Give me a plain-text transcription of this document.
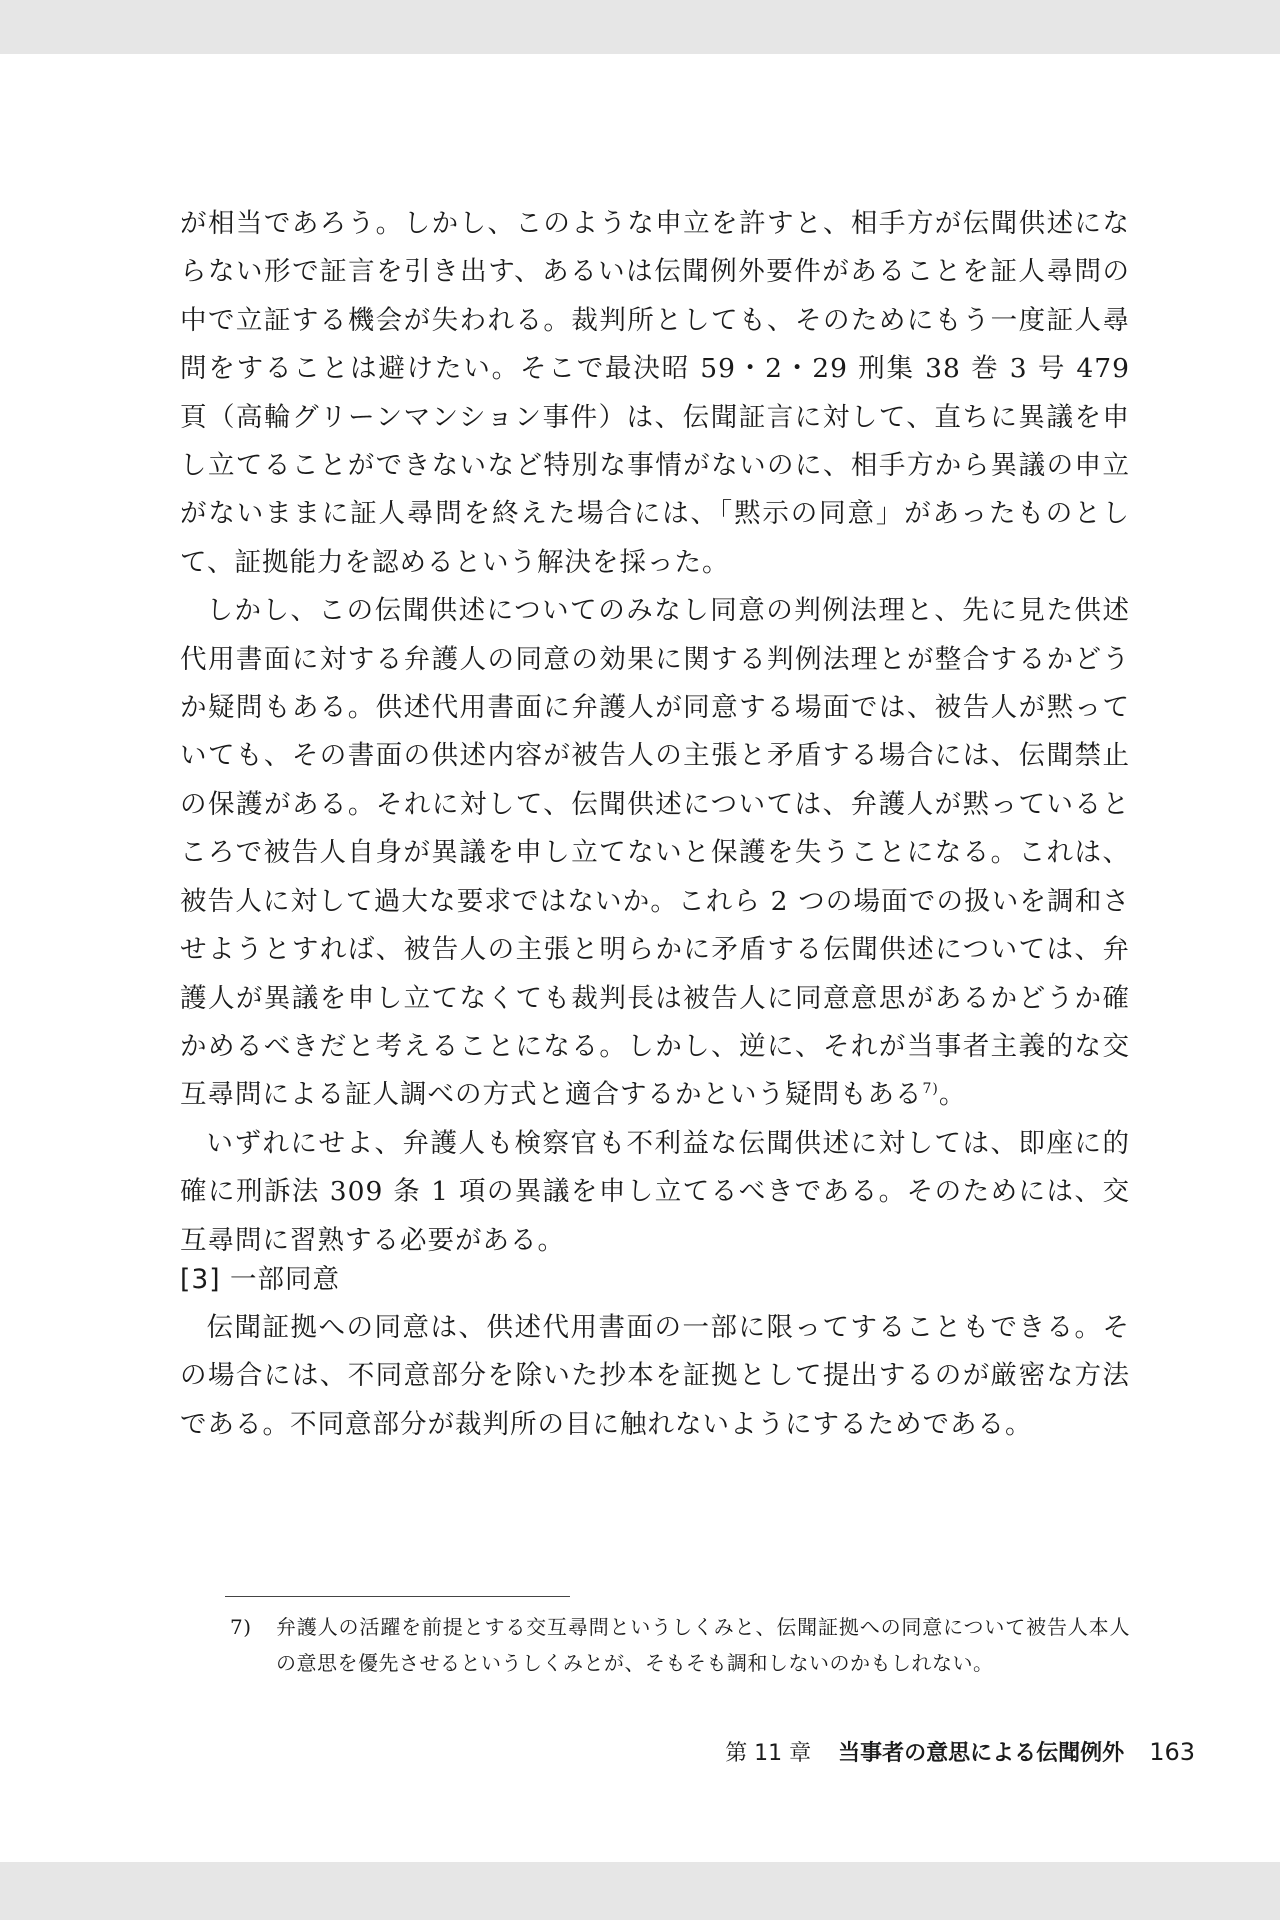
が相当であろう。しかし、このような申立を許すと、相手方が伝聞供述にならない形で証言を引き出す、あるいは伝聞例外要件があることを証人尋問の中で立証する機会が失われる。裁判所としても、そのためにもう一度証人尋問をすることは避けたい。そこで最決昭 59・2・29 刑集 38 巻 3 号 479 頁（高輪グリーンマンション事件）は、伝聞証言に対して、直ちに異議を申し立てることができないなど特別な事情がないのに、相手方から異議の申立がないままに証人尋問を終えた場合には、「黙示の同意」があったものとして、証拠能力を認めるという解決を採った。

しかし、この伝聞供述についてのみなし同意の判例法理と、先に見た供述代用書面に対する弁護人の同意の効果に関する判例法理とが整合するかどうか疑問もある。供述代用書面に弁護人が同意する場面では、被告人が黙っていても、その書面の供述内容が被告人の主張と矛盾する場合には、伝聞禁止の保護がある。それに対して、伝聞供述については、弁護人が黙っているところで被告人自身が異議を申し立てないと保護を失うことになる。これは、被告人に対して過大な要求ではないか。これら 2 つの場面での扱いを調和させようとすれば、被告人の主張と明らかに矛盾する伝聞供述については、弁護人が異議を申し立てなくても裁判長は被告人に同意意思があるかどうか確かめるべきだと考えることになる。しかし、逆に、それが当事者主義的な交互尋問による証人調べの方式と適合するかという疑問もある$^{7)}$。

いずれにせよ、弁護人も検察官も不利益な伝聞供述に対しては、即座に的確に刑訴法 309 条 1 項の異議を申し立てるべきである。そのためには、交互尋問に習熟する必要がある。

[3] 一部同意

伝聞証拠への同意は、供述代用書面の一部に限ってすることもできる。その場合には、不同意部分を除いた抄本を証拠として提出するのが厳密な方法である。不同意部分が裁判所の目に触れないようにするためである。

7) 弁護人の活躍を前提とする交互尋問というしくみと、伝聞証拠への同意について被告人本人の意思を優先させるというしくみとが、そもそも調和しないのかもしれない。
第 11 章 当事者の意思による伝聞例外 163
